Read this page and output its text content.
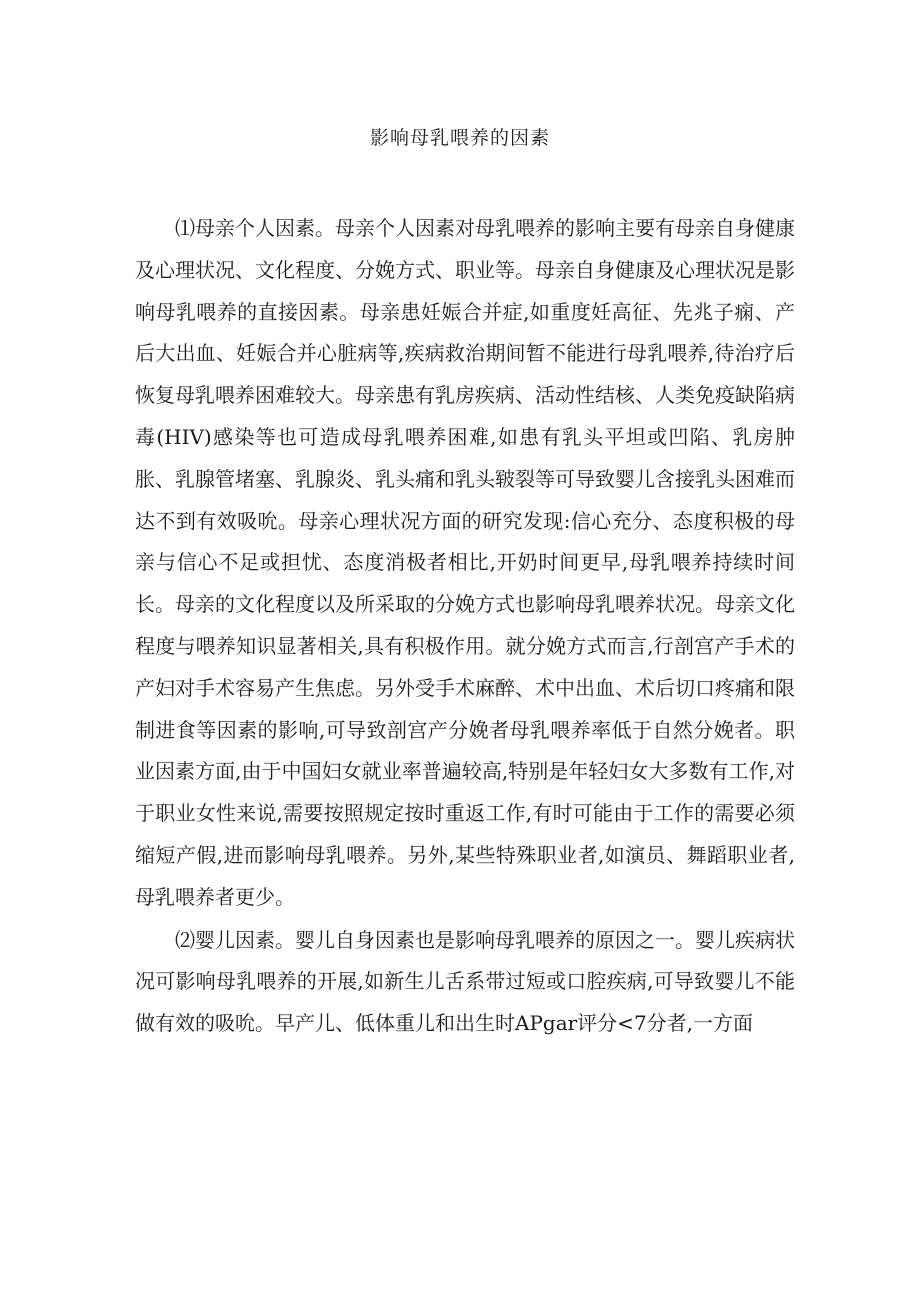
影响母乳喂养的因素

⑴母亲个人因素。母亲个人因素对母乳喂养的影响主要有母亲自身健康及心理状况、文化程度、分娩方式、职业等。母亲自身健康及心理状况是影响母乳喂养的直接因素。母亲患妊娠合并症,如重度妊高征、先兆子痫、产后大出血、妊娠合并心脏病等,疾病救治期间暂不能进行母乳喂养,待治疗后恢复母乳喂养困难较大。母亲患有乳房疾病、活动性结核、人类免疫缺陷病毒(HIV)感染等也可造成母乳喂养困难,如患有乳头平坦或凹陷、乳房肿胀、乳腺管堵塞、乳腺炎、乳头痛和乳头皲裂等可导致婴儿含接乳头困难而达不到有效吸吮。母亲心理状况方面的研究发现:信心充分、态度积极的母亲与信心不足或担忧、态度消极者相比,开奶时间更早,母乳喂养持续时间长。母亲的文化程度以及所采取的分娩方式也影响母乳喂养状况。母亲文化程度与喂养知识显著相关,具有积极作用。就分娩方式而言,行剖宫产手术的产妇对手术容易产生焦虑。另外受手术麻醉、术中出血、术后切口疼痛和限制进食等因素的影响,可导致剖宫产分娩者母乳喂养率低于自然分娩者。职业因素方面,由于中国妇女就业率普遍较高,特别是年轻妇女大多数有工作,对于职业女性来说,需要按照规定按时重返工作,有时可能由于工作的需要必须缩短产假,进而影响母乳喂养。另外,某些特殊职业者,如演员、舞蹈职业者,母乳喂养者更少。

⑵婴儿因素。婴儿自身因素也是影响母乳喂养的原因之一。婴儿疾病状况可影响母乳喂养的开展,如新生儿舌系带过短或口腔疾病,可导致婴儿不能做有效的吸吮。早产儿、低体重儿和出生时APgar评分<7分者,一方面
